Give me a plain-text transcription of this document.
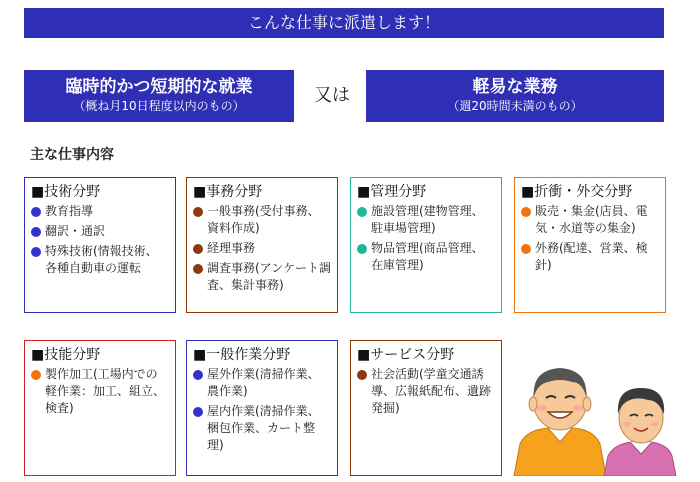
こんな仕事に派遣します！
臨時的かつ短期的な就業
（概ね月10日程度以内のもの）	又は	軽易な業務
（週20時間未満のもの）
主な仕事内容
■技術分野
教育指導
翻訳・通訳
特殊技術(情報技術、各種自動車の運転
■事務分野
一般事務(受付事務、資料作成)
経理事務
調査事務(アンケート調査、集計事務)
■管理分野
施設管理(建物管理、駐車場管理)
物品管理(商品管理、在庫管理)
■折衝・外交分野
販売・集金(店員、電気・水道等の集金)
外務(配達、営業、検針)
■技能分野
製作加工(工場内での軽作業：加工、組立、検査)
■一般作業分野
屋外作業(清掃作業、農作業)
屋内作業(清掃作業、梱包作業、カート整理)
■サービス分野
社会活動(学童交通誘導、広報紙配布、遺跡発掘)
